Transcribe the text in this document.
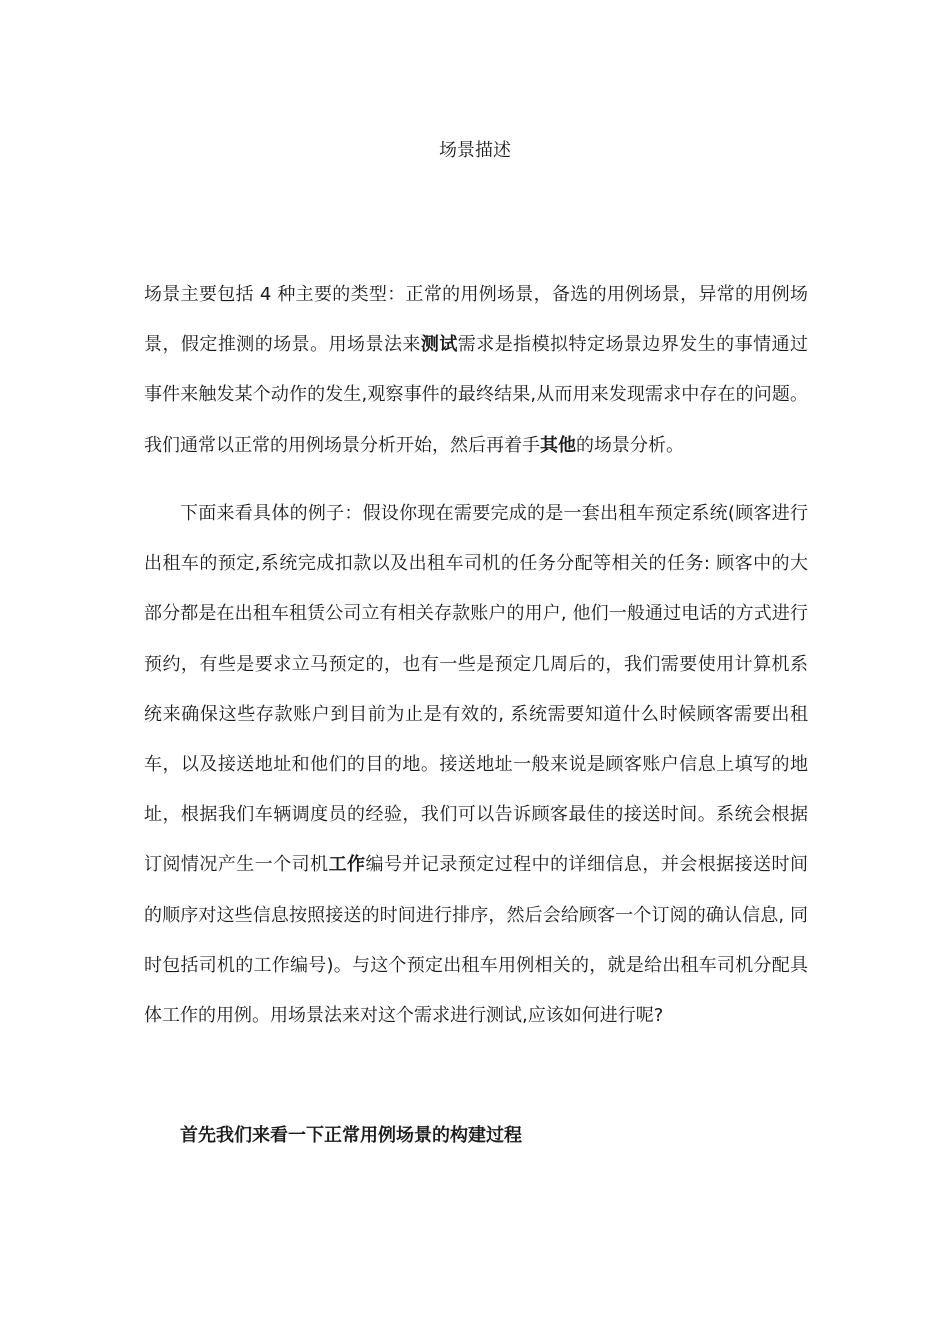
场景描述

场景主要包括 4 种主要的类型：正常的用例场景，备选的用例场景，异常的用例场景，假定推测的场景。用场景法来测试需求是指模拟特定场景边界发生的事情通过事件来触发某个动作的发生,观察事件的最终结果,从而用来发现需求中存在的问题。我们通常以正常的用例场景分析开始，然后再着手其他的场景分析。

下面来看具体的例子：假设你现在需要完成的是一套出租车预定系统(顾客进行出租车的预定,系统完成扣款以及出租车司机的任务分配等相关的任务: 顾客中的大部分都是在出租车租赁公司立有相关存款账户的用户, 他们一般通过电话的方式进行预约，有些是要求立马预定的，也有一些是预定几周后的，我们需要使用计算机系统来确保这些存款账户到目前为止是有效的, 系统需要知道什么时候顾客需要出租车，以及接送地址和他们的目的地。接送地址一般来说是顾客账户信息上填写的地址，根据我们车辆调度员的经验，我们可以告诉顾客最佳的接送时间。系统会根据订阅情况产生一个司机工作编号并记录预定过程中的详细信息，并会根据接送时间的顺序对这些信息按照接送的时间进行排序，然后会给顾客一个订阅的确认信息, 同时包括司机的工作编号)。与这个预定出租车用例相关的，就是给出租车司机分配具体工作的用例。用场景法来对这个需求进行测试,应该如何进行呢?

首先我们来看一下正常用例场景的构建过程
